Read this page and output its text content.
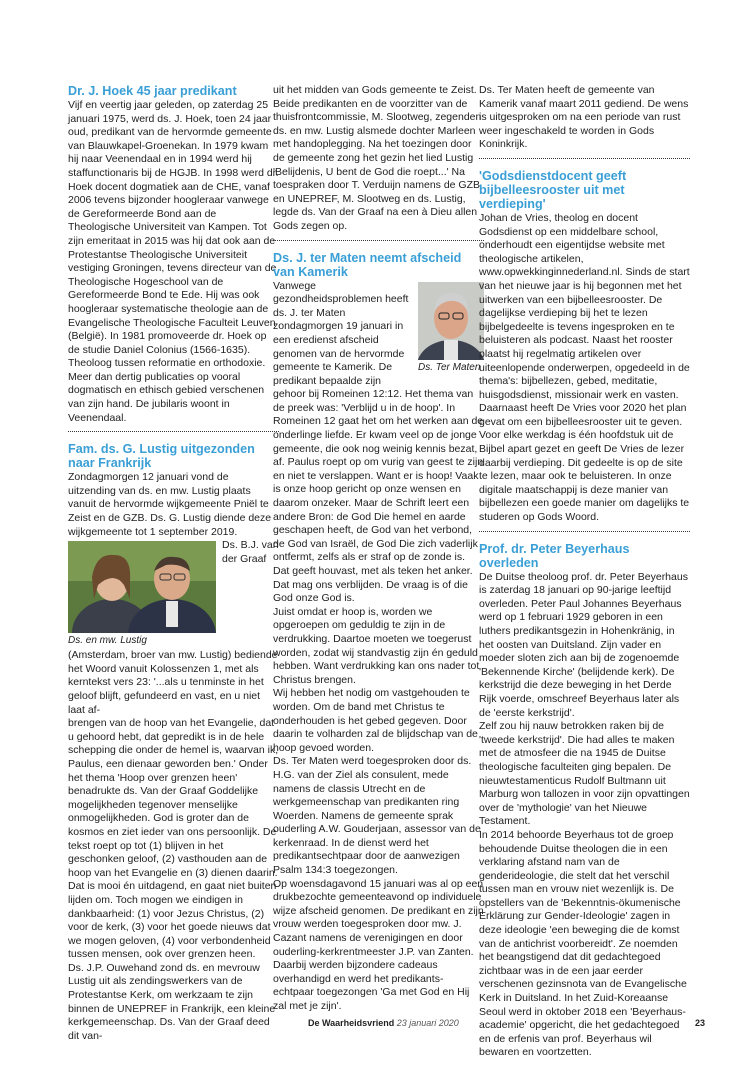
Dr. J. Hoek 45 jaar predikant

Vijf en veertig jaar geleden, op zaterdag 25 januari 1975, werd ds. J. Hoek, toen 24 jaar oud, predikant van de hervormde gemeente van Blauwkapel-Groenekan. In 1979 kwam hij naar Veenendaal en in 1994 werd hij staffunctionaris bij de HGJB. In 1998 werd dr. Hoek docent dogmatiek aan de CHE, vanaf 2006 tevens bijzonder hoogleraar vanwege de Gereformeerde Bond aan de Theologische Universiteit van Kampen. Tot zijn emeritaat in 2015 was hij dat ook aan de Protestantse Theologische Universiteit vestiging Groningen, tevens directeur van de Theologische Hogeschool van de Gereformeerde Bond te Ede. Hij was ook hoogleraar systematische theologie aan de Evangelische Theologische Faculteit Leuven (België). In 1981 promoveerde dr. Hoek op de studie Daniel Colonius (1566-1635). Theoloog tussen reformatie en orthodoxie. Meer dan dertig publicaties op vooral dogmatisch en ethisch gebied verschenen van zijn hand. De jubilaris woont in Veenendaal.

Fam. ds. G. Lustig uitgezonden naar Frankrijk

Zondagmorgen 12 januari vond de uitzending van ds. en mw. Lustig plaats vanuit de hervormde wijkgemeente Pniël te Zeist en de GZB. Ds. G. Lustig diende deze wijkgemeente tot 1 september 2019.

Ds. en mw. Lustig

Ds. B.J. van der Graaf (Amsterdam, broer van mw. Lustig) bediende het Woord vanuit Kolossenzen 1, met als kerntekst vers 23: '...als u tenminste in het geloof blijft, gefundeerd en vast, en u niet laat af-

brengen van de hoop van het Evangelie, dat u gehoord hebt, dat gepredikt is in de hele schepping die onder de hemel is, waarvan ik, Paulus, een dienaar geworden ben.' Onder het thema 'Hoop over grenzen heen' benadrukte ds. Van der Graaf Goddelijke mogelijkheden tegenover menselijke onmogelijkheden. God is groter dan de kosmos en ziet ieder van ons persoonlijk. De tekst roept op tot (1) blijven in het geschonken geloof, (2) vasthouden aan de hoop van het Evangelie en (3) dienen daarin. Dat is mooi én uitdagend, en gaat niet buiten lijden om. Toch mogen we eindigen in dankbaarheid: (1) voor Jezus Christus, (2) voor de kerk, (3) voor het goede nieuws dat we mogen geloven, (4) voor verbondenheid tussen mensen, ook over grenzen heen.

Ds. J.P. Ouwehand zond ds. en mevrouw Lustig uit als zendingswerkers van de Protestantse Kerk, om werkzaam te zijn binnen de UNEPREF in Frankrijk, een kleine kerkgemeenschap. Ds. Van der Graaf deed dit van-

uit het midden van Gods gemeente te Zeist. Beide predikanten en de voorzitter van de thuisfrontcommissie, M. Slootweg, zegenden ds. en mw. Lustig alsmede dochter Marleen met handoplegging. Na het toezingen door de gemeente zong het gezin het lied Lustig 'Belijdenis, U bent de God die roept...' Na toespraken door T. Verduijn namens de GZB en UNEPREF, M. Slootweg en ds. Lustig, legde ds. Van der Graaf na een à Dieu allen Gods zegen op.

Ds. J. ter Maten neemt afscheid van Kamerik
Ds. Ter Maten

Vanwege gezondheidsproblemen heeft ds. J. ter Maten zondagmorgen 19 januari in een eredienst afscheid genomen van de hervormde gemeente te Kamerik. De predikant bepaalde zijn gehoor bij Romeinen 12:12. Het thema van de preek was: 'Verblijd u in de hoop'. In Romeinen 12 gaat het om het werken aan de onderlinge liefde. Er kwam veel op de jonge gemeente, die ook nog weinig kennis bezat, af. Paulus roept op om vurig van geest te zijn en niet te verslappen. Want er is hoop! Vaak is onze hoop gericht op onze wensen en daarom onzeker. Maar de Schrift leert een andere Bron: de God Die hemel en aarde geschapen heeft, de God van het verbond, de God van Israël, de God Die zich vaderlijk ontfermt, zelfs als er straf op de zonde is. Dat geeft houvast, met als teken het anker. Dat mag ons verblijden. De vraag is of die God onze God is.

Juist omdat er hoop is, worden we opgeroepen om geduldig te zijn in de verdrukking. Daartoe moeten we toegerust worden, zodat wij standvastig zijn én geduld hebben. Want verdrukking kan ons nader tot Christus brengen.

Wij hebben het nodig om vastgehouden te worden. Om de band met Christus te onderhouden is het gebed gegeven. Door daarin te volharden zal de blijdschap van de hoop gevoed worden.

Ds. Ter Maten werd toegesproken door ds. H.G. van der Ziel als consulent, mede namens de classis Utrecht en de werkgemeenschap van predikanten ring Woerden. Namens de gemeente sprak ouderling A.W. Gouderjaan, assessor van de kerkenraad. In de dienst werd het predikantsechtpaar door de aanwezigen Psalm 134:3 toegezongen.

Op woensdagavond 15 januari was al op een drukbezochte gemeenteavond op individuele wijze afscheid genomen. De predikant en zijn vrouw werden toegesproken door mw. J. Cazant namens de verenigingen en door ouderling-kerkrentmeester J.P. van Zanten. Daarbij werden bijzondere cadeaus overhandigd en werd het predikants-echtpaar toegezongen 'Ga met God en Hij zal met je zijn'.

Ds. Ter Maten heeft de gemeente van Kamerik vanaf maart 2011 gediend. De wens is uitgesproken om na een periode van rust weer ingeschakeld te worden in Gods Koninkrijk.

'Godsdienstdocent geeft bijbelleesrooster uit met verdieping'

Johan de Vries, theolog en docent Godsdienst op een middelbare school, onderhoudt een eigentijdse website met theologische artikelen, www.opwekkinginnederland.nl. Sinds de start van het nieuwe jaar is hij begonnen met het uitwerken van een bijbelleesrooster. De dagelijkse verdieping bij het te lezen bijbelgedeelte is tevens ingesproken en te beluisteren als podcast. Naast het rooster plaatst hij regelmatig artikelen over uiteenlopende onderwerpen, opgedeeld in de thema's: bijbellezen, gebed, meditatie, huisgodsdienst, missionair werk en vasten.

Daarnaast heeft De Vries voor 2020 het plan gevat om een bijbelleesrooster uit te geven. Voor elke werkdag is één hoofdstuk uit de Bijbel apart gezet en geeft De Vries de lezer daarbij verdieping. Dit gedeelte is op de site te lezen, maar ook te beluisteren. In onze digitale maatschappij is deze manier van bijbellezen een goede manier om dagelijks te studeren op Gods Woord.

Prof. dr. Peter Beyerhaus overleden

De Duitse theoloog prof. dr. Peter Beyerhaus is zaterdag 18 januari op 90-jarige leeftijd overleden. Peter Paul Johannes Beyerhaus werd op 1 februari 1929 geboren in een luthers predikantsgezin in Hohenkränig, in het oosten van Duitsland. Zijn vader en moeder sloten zich aan bij de zogenoemde 'Bekennende Kirche' (belijdende kerk). De kerkstrijd die deze beweging in het Derde Rijk voerde, omschreef Beyerhaus later als de 'eerste kerkstrijd'.

Zelf zou hij nauw betrokken raken bij de 'tweede kerkstrijd'. Die had alles te maken met de atmosfeer die na 1945 de Duitse theologische faculteiten ging bepalen. De nieuwtestamenticus Rudolf Bultmann uit Marburg won tallozen in voor zijn opvattingen over de 'mythologie' van het Nieuwe Testament.

In 2014 behoorde Beyerhaus tot de groep behoudende Duitse theologen die in een verklaring afstand nam van de genderideologie, die stelt dat het verschil tussen man en vrouw niet wezenlijk is. De opstellers van de 'Bekenntnis-ökumenische Erklärung zur Gender-Ideologie' zagen in deze ideologie 'een beweging die de komst van de antichrist voorbereidt'. Ze noemden het beangstigend dat dit gedachtegoed zichtbaar was in de een jaar eerder verschenen gezinsnota van de Evangelische Kerk in Duitsland. In het Zuid-Koreaanse Seoul werd in oktober 2018 een 'Beyerhaus-academie' opgericht, die het gedachtegoed en de erfenis van prof. Beyerhaus wil bewaren en voortzetten.

De Waarheidsvriend 23 januari 2020	23
